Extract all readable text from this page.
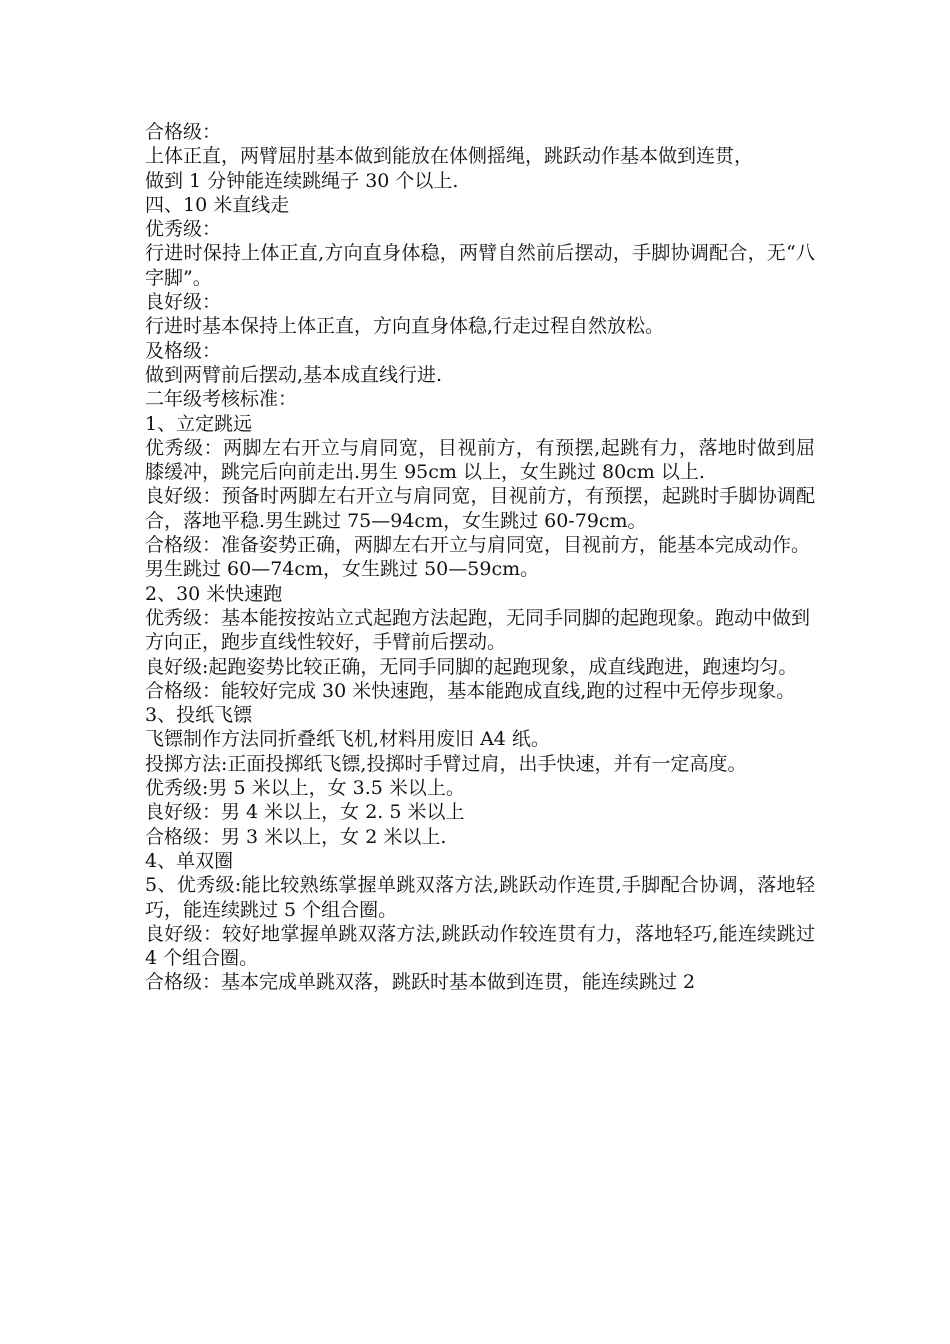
合格级：

上体正直，两臂屈肘基本做到能放在体侧摇绳，跳跃动作基本做到连贯，

做到 1 分钟能连续跳绳子 30 个以上.

四、10 米直线走

优秀级：

行进时保持上体正直,方向直身体稳，两臂自然前后摆动，手脚协调配合，无“八字脚”。

良好级：

行进时基本保持上体正直，方向直身体稳,行走过程自然放松。

及格级：

做到两臂前后摆动,基本成直线行进.

二年级考核标准：

1、立定跳远

优秀级：两脚左右开立与肩同宽，目视前方，有预摆,起跳有力，落地时做到屈膝缓冲，跳完后向前走出.男生 95cm 以上，女生跳过 80cm 以上.

良好级：预备时两脚左右开立与肩同宽，目视前方，有预摆，起跳时手脚协调配合，落地平稳.男生跳过 75—94cm，女生跳过 60-79cm。

合格级：准备姿势正确，两脚左右开立与肩同宽，目视前方，能基本完成动作。

男生跳过 60—74cm，女生跳过 50—59cm。

2、30 米快速跑

优秀级：基本能按按站立式起跑方法起跑，无同手同脚的起跑现象。跑动中做到

方向正，跑步直线性较好，手臂前后摆动。

良好级:起跑姿势比较正确，无同手同脚的起跑现象，成直线跑进，跑速均匀。

合格级：能较好完成 30 米快速跑，基本能跑成直线,跑的过程中无停步现象。

3、投纸飞镖

飞镖制作方法同折叠纸飞机,材料用废旧 A4 纸。

投掷方法:正面投掷纸飞镖,投掷时手臂过肩，出手快速，并有一定高度。

优秀级:男 5 米以上，女 3.5 米以上。

良好级：男 4 米以上，女 2. 5 米以上

合格级：男 3 米以上，女 2 米以上.

4、单双圈

5、优秀级:能比较熟练掌握单跳双落方法,跳跃动作连贯,手脚配合协调，落地轻巧，能连续跳过 5 个组合圈。

良好级：较好地掌握单跳双落方法,跳跃动作较连贯有力，落地轻巧,能连续跳过 4 个组合圈。

合格级：基本完成单跳双落，跳跃时基本做到连贯，能连续跳过 2
